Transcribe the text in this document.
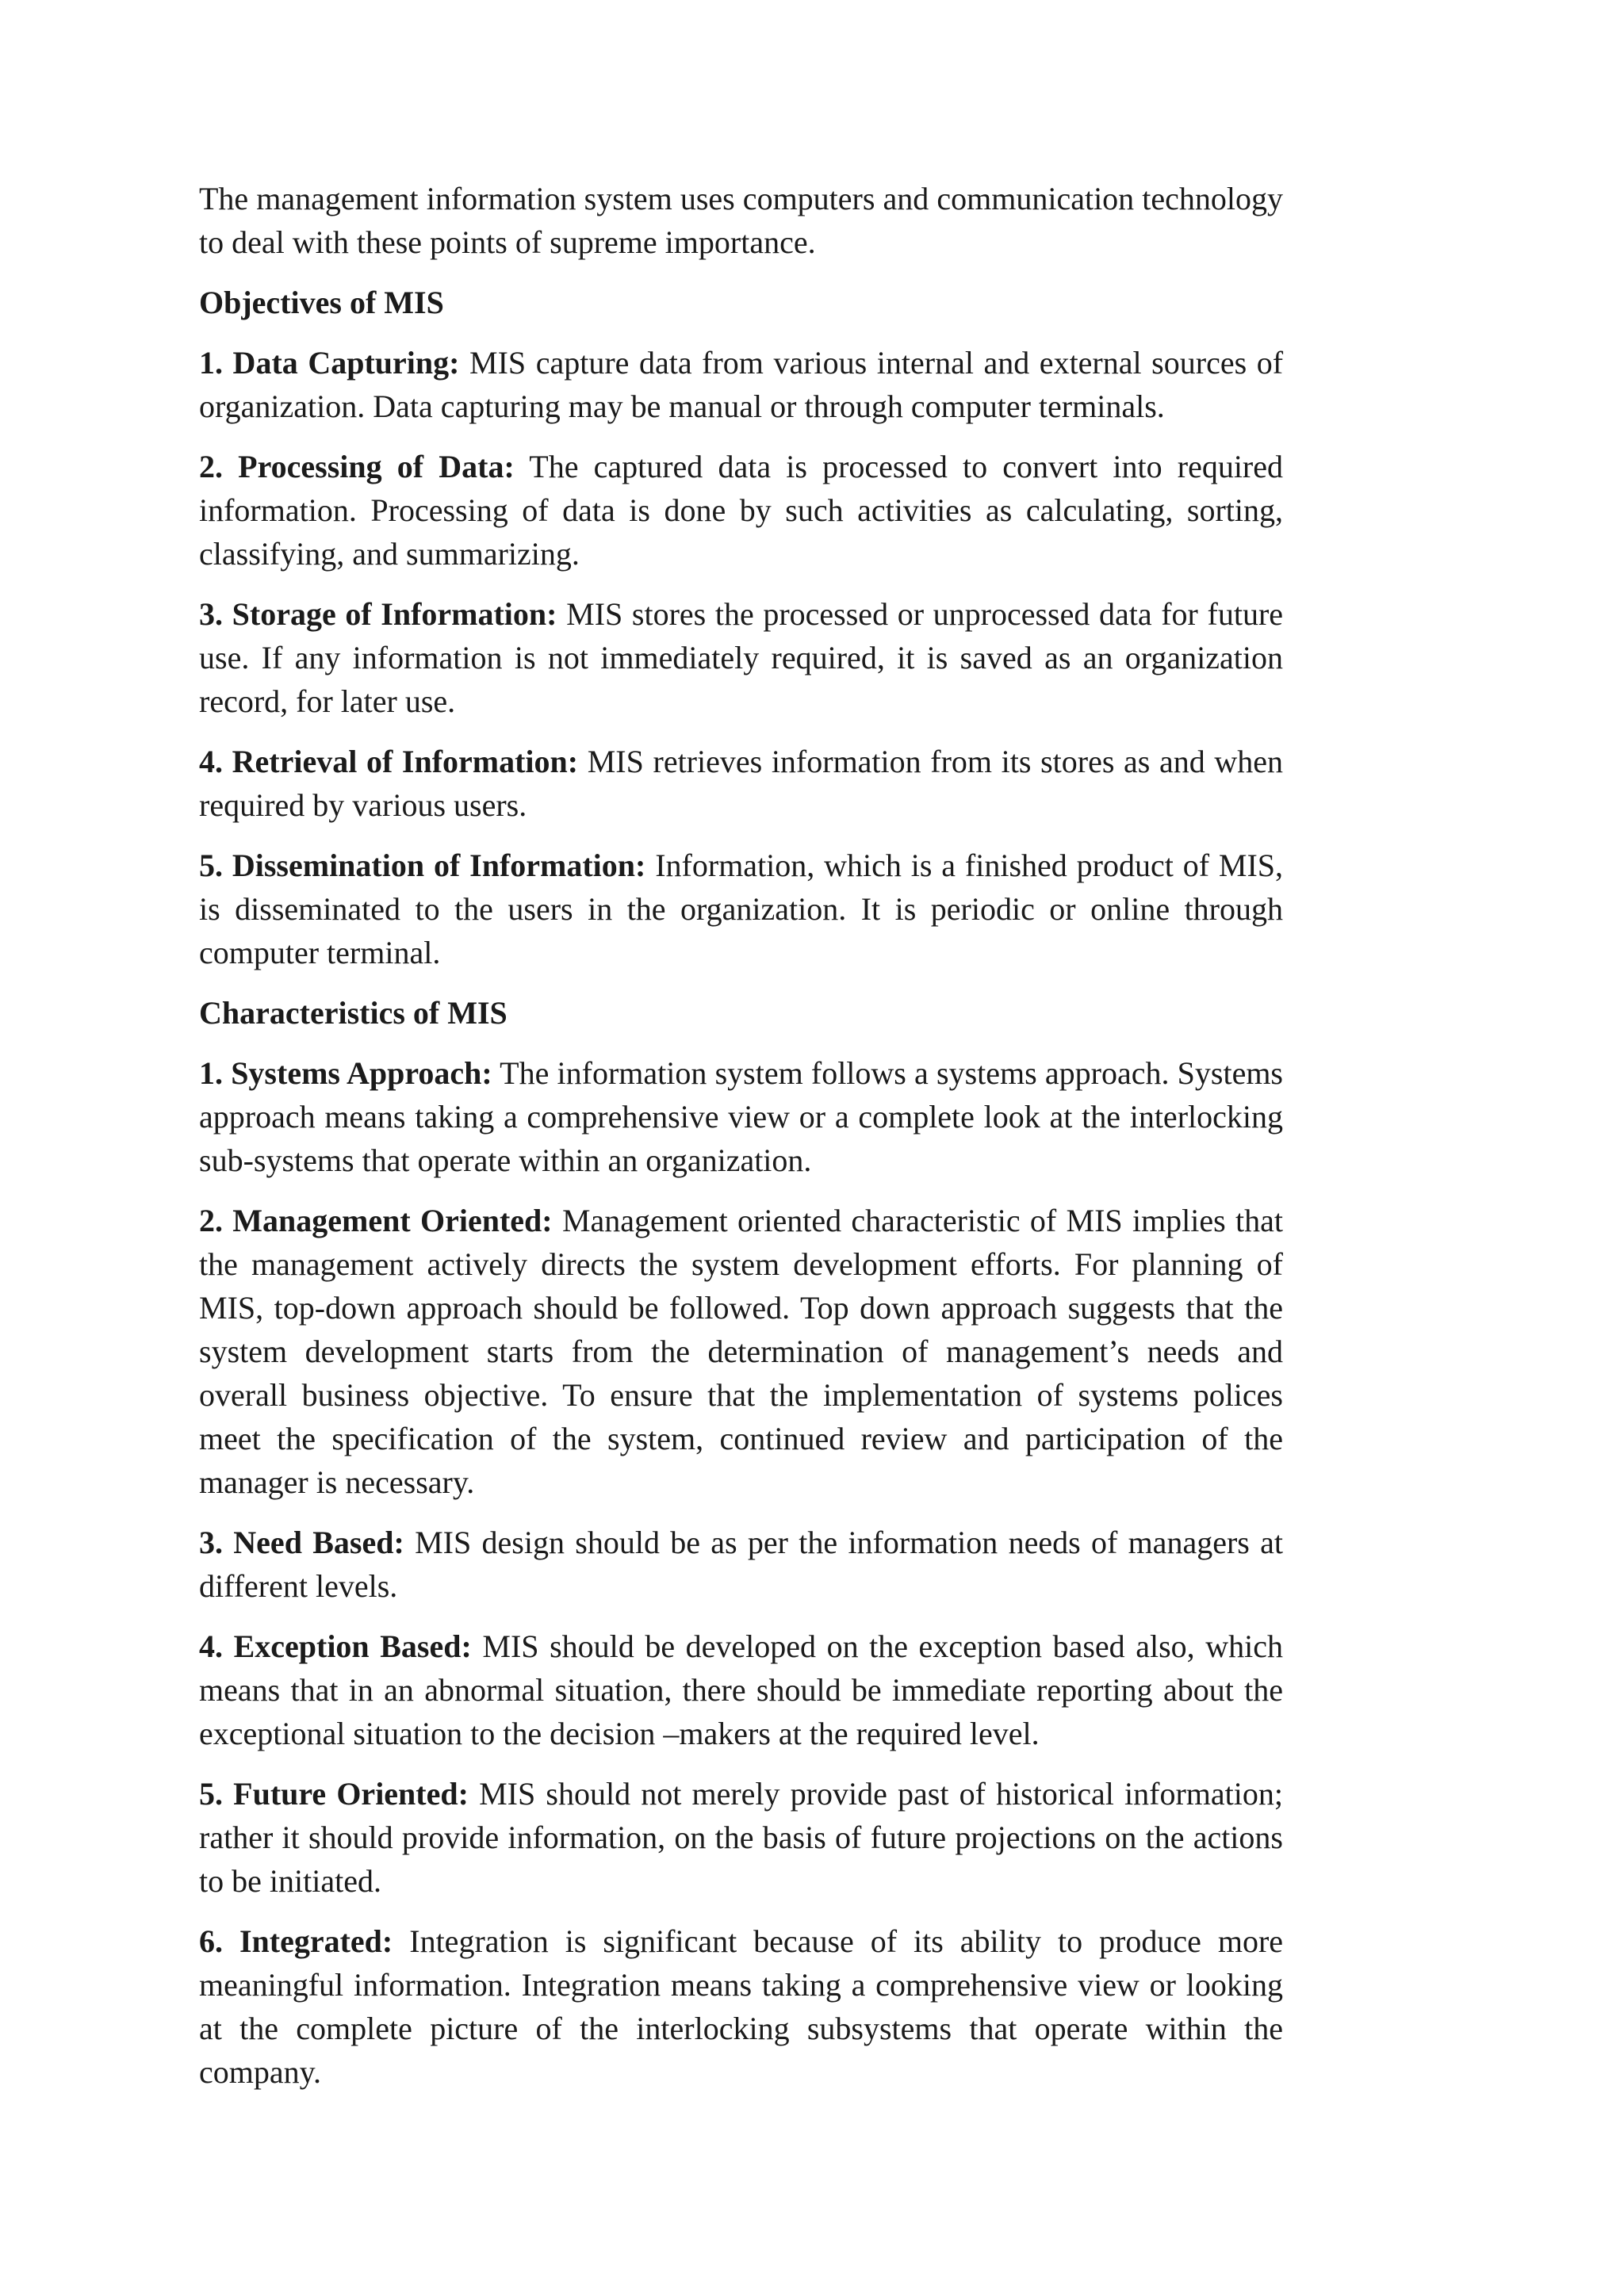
The management information system uses computers and communication technology to deal with these points of supreme importance.

Objectives of MIS

1. Data Capturing: MIS capture data from various internal and external sources of organization. Data capturing may be manual or through computer terminals.

2. Processing of Data: The captured data is processed to convert into required information. Processing of data is done by such activities as calculating, sorting, classifying, and summarizing.

3. Storage of Information: MIS stores the processed or unprocessed data for future use. If any information is not immediately required, it is saved as an organization record, for later use.

4. Retrieval of Information: MIS retrieves information from its stores as and when required by various users.

5. Dissemination of Information: Information, which is a finished product of MIS, is disseminated to the users in the organization. It is periodic or online through computer terminal.

Characteristics of MIS

1. Systems Approach: The information system follows a systems approach. Systems approach means taking a comprehensive view or a complete look at the interlocking sub-systems that operate within an organization.

2. Management Oriented: Management oriented characteristic of MIS implies that the management actively directs the system development efforts. For planning of MIS, top-down approach should be followed. Top down approach suggests that the system development starts from the determination of management’s needs and overall business objective. To ensure that the implementation of systems polices meet the specification of the system, continued review and participation of the manager is necessary.

3. Need Based: MIS design should be as per the information needs of managers at different levels.

4. Exception Based: MIS should be developed on the exception based also, which means that in an abnormal situation, there should be immediate reporting about the exceptional situation to the decision –makers at the required level.

5. Future Oriented: MIS should not merely provide past of historical information; rather it should provide information, on the basis of future projections on the actions to be initiated.

6. Integrated: Integration is significant because of its ability to produce more meaningful information. Integration means taking a comprehensive view or looking at the complete picture of the interlocking subsystems that operate within the company.
